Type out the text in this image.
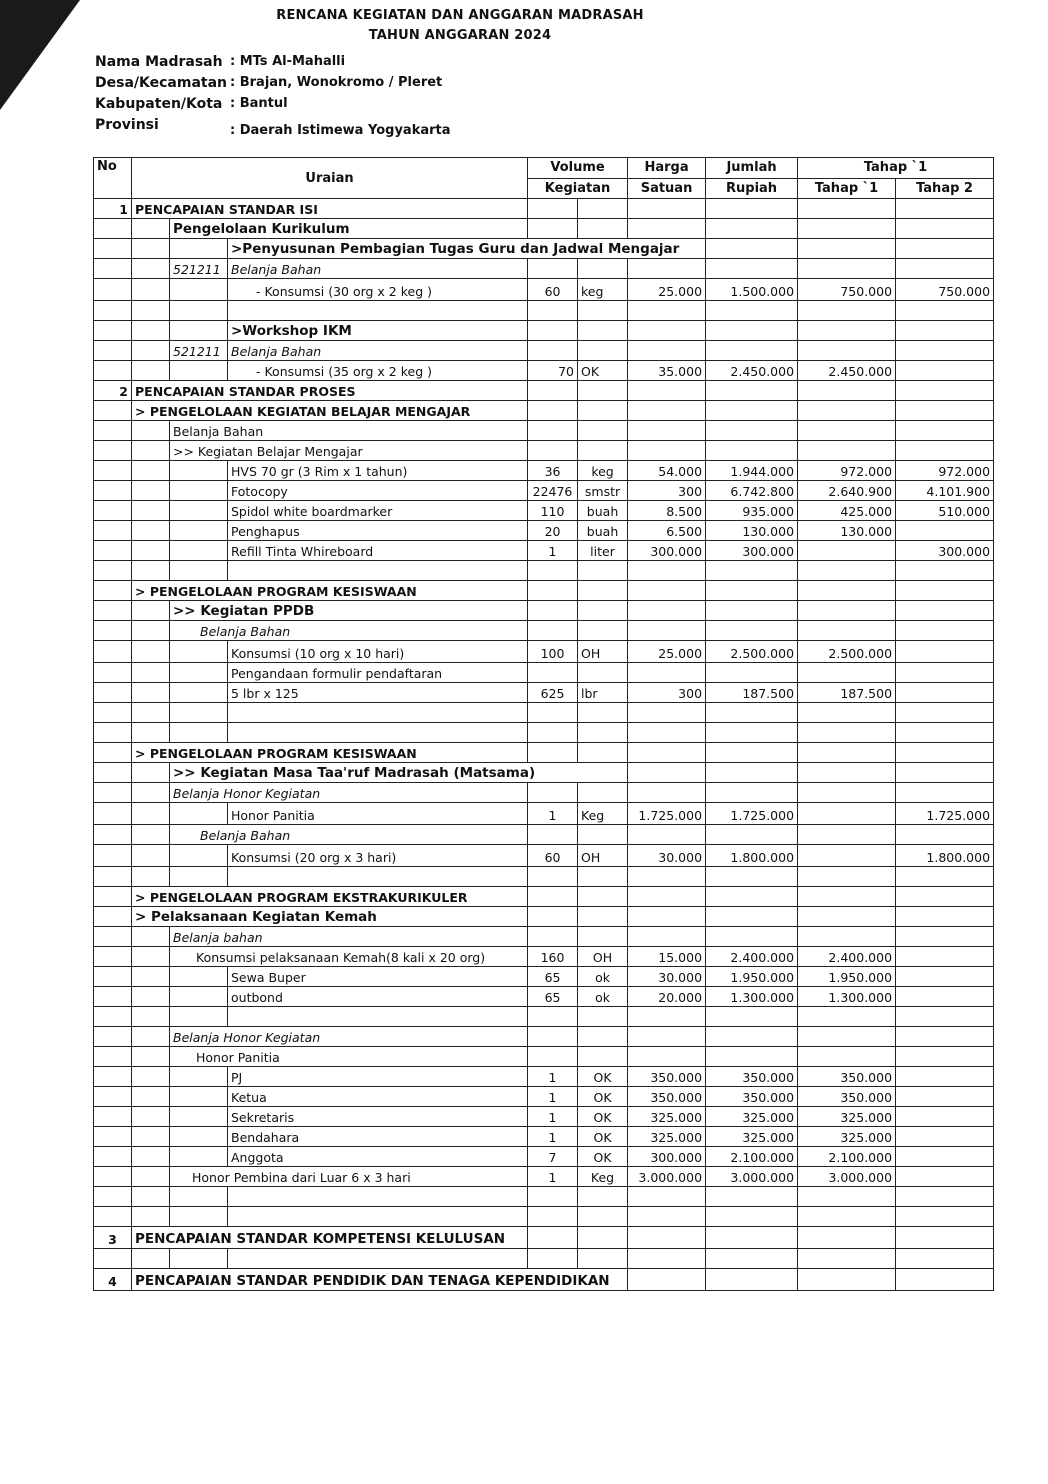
RENCANA KEGIATAN DAN ANGGARAN MADRASAH
TAHUN ANGGARAN 2024
Nama Madrasah : MTs Al-Mahalli
Desa/Kecamatan : Brajan, Wonokromo / Pleret
Kabupaten/Kota : Bantul
Provinsi	: Daerah Istimewa Yogyakarta
No	Uraian			Volume		Harga	Jumlah	Tahap `1	
				Kegiatan		Satuan	Rupiah	Tahap `1	Tahap 2
1	PENCAPAIAN STANDAR ISI								
		Pengelolaan Kurikulum							
			>Penyusunan Pembagian Tugas Guru dan Jadwal Mengajar						
		521211	Belanja Bahan						
			- Konsumsi (30 org x 2 keg )	60	keg	25.000	1.500.000	750.000	750.000

			>Workshop IKM						
		521211	Belanja Bahan						
			- Konsumsi (35 org x 2 keg )	70	OK	35.000	2.450.000	2.450.000	
2	PENCAPAIAN STANDAR PROSES								
	> PENGELOLAAN KEGIATAN BELAJAR MENGAJAR								
		Belanja Bahan							
		>> Kegiatan Belajar Mengajar							
			HVS 70 gr (3 Rim x 1 tahun)	36	keg	54.000	1.944.000	972.000	972.000
			Fotocopy	22476	smstr	300	6.742.800	2.640.900	4.101.900
			Spidol white boardmarker	110	buah	8.500	935.000	425.000	510.000
			Penghapus	20	buah	6.500	130.000	130.000	
			Refill Tinta Whireboard	1	liter	300.000	300.000		300.000

	> PENGELOLAAN PROGRAM KESISWAAN								
		>> Kegiatan PPDB							
		Belanja Bahan							
			Konsumsi (10 org x 10 hari)	100	OH	25.000	2.500.000	2.500.000	
			Pengandaan formulir pendaftaran						
			5 lbr x 125	625	lbr	300	187.500	187.500	

	> PENGELOLAAN PROGRAM KESISWAAN								
		>> Kegiatan Masa Taa'ruf Madrasah (Matsama)							
		Belanja Honor Kegiatan							
			Honor Panitia	1	Keg	1.725.000	1.725.000		1.725.000
		Belanja Bahan							
			Konsumsi (20 org x 3 hari)	60	OH	30.000	1.800.000		1.800.000

	> PENGELOLAAN PROGRAM EKSTRAKURIKULER								
	> Pelaksanaan Kegiatan Kemah								
		Belanja bahan							
		Konsumsi pelaksanaan Kemah(8 kali x 20 org)		160	OH	15.000	2.400.000	2.400.000	
			Sewa Buper	65	ok	30.000	1.950.000	1.950.000	
			outbond	65	ok	20.000	1.300.000	1.300.000	

		Belanja Honor Kegiatan							
		Honor Panitia							
			PJ	1	OK	350.000	350.000	350.000	
			Ketua	1	OK	350.000	350.000	350.000	
			Sekretaris	1	OK	325.000	325.000	325.000	
			Bendahara	1	OK	325.000	325.000	325.000	
			Anggota	7	OK	300.000	2.100.000	2.100.000	
		Honor Pembina dari Luar 6 x 3 hari		1	Keg	3.000.000	3.000.000	3.000.000	

3	PENCAPAIAN STANDAR KOMPETENSI KELULUSAN								

4	PENCAPAIAN STANDAR PENDIDIK DAN TENAGA KEPENDIDIKAN								
